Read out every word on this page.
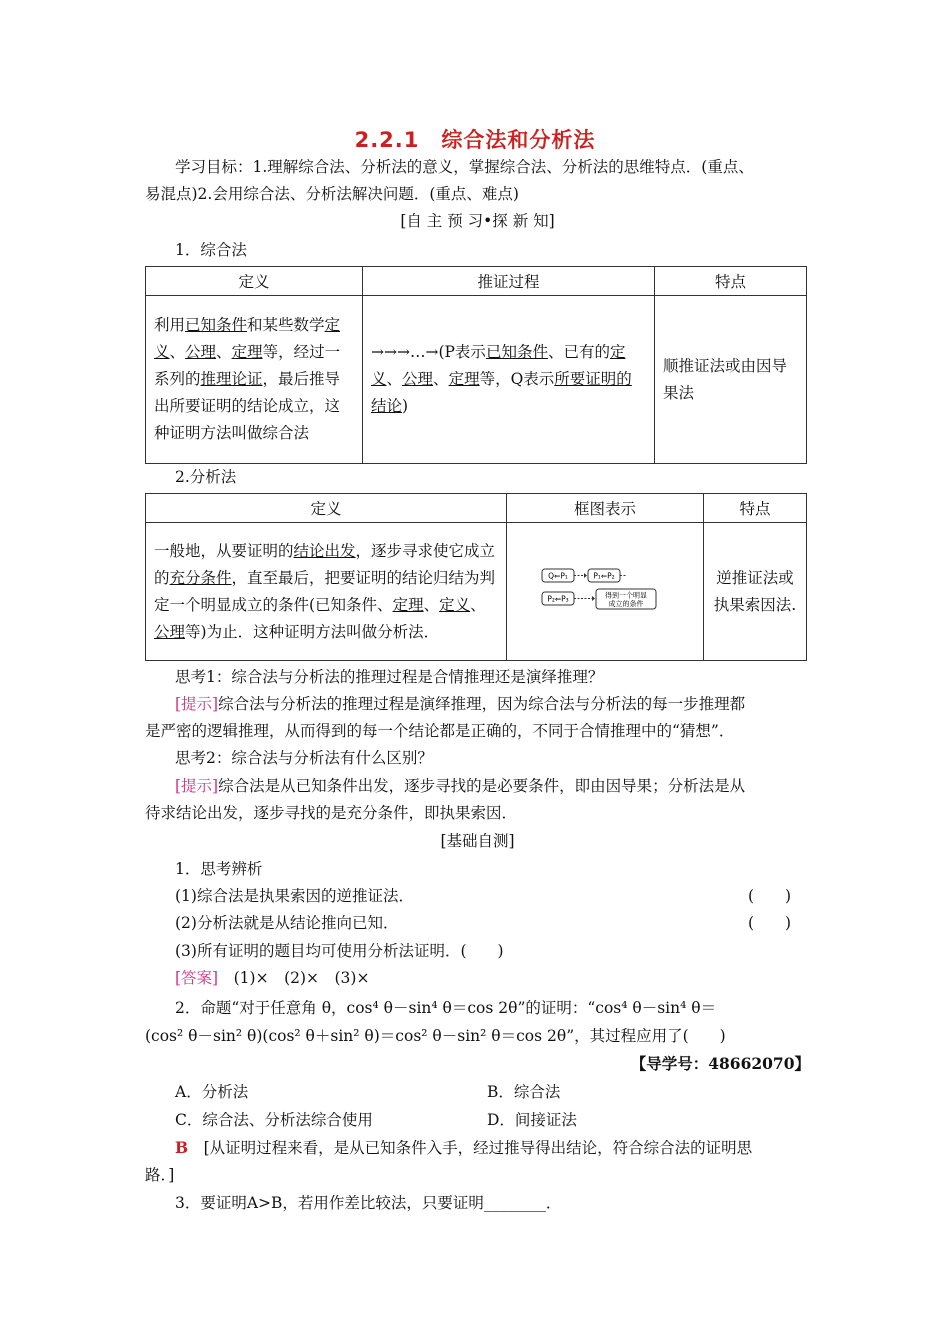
2.2.1　综合法和分析法
学习目标：1.理解综合法、分析法的意义，掌握综合法、分析法的思维特点．(重点、
易混点)2.会用综合法、分析法解决问题．(重点、难点)
[自 主 预 习•探 新 知]
1．综合法
定义	推证过程	特点
利用已知条件和某些数学定义、公理、定理等，经过一系列的推理论证，最后推导出所要证明的结论成立，这种证明方法叫做综合法	→→→…→(P表示已知条件、已有的定义、公理、定理等，Q表示所要证明的结论)	顺推证法或由因导果法
2.分析法
定义	框图表示	特点
一般地，从要证明的结论出发，逐步寻求使它成立的充分条件，直至最后，把要证明的结论归结为判定一个明显成立的条件(已知条件、定理、定义、公理等)为止．这种证明方法叫做分析法．	Q⇐P₁ P₁⇐P₂
P₂⇐P₃ 得到一个明显
成立的条件	逆推证法或执果索因法.
思考1：综合法与分析法的推理过程是合情推理还是演绎推理？
[提示]综合法与分析法的推理过程是演绎推理，因为综合法与分析法的每一步推理都
是严密的逻辑推理，从而得到的每一个结论都是正确的，不同于合情推理中的“猜想”．
思考2：综合法与分析法有什么区别？
[提示]综合法是从已知条件出发，逐步寻找的是必要条件，即由因导果；分析法是从
待求结论出发，逐步寻找的是充分条件，即执果索因．
[基础自测]
1．思考辨析
(1)综合法是执果索因的逆推证法．	(　　)
(2)分析法就是从结论推向已知．	(　　)
(3)所有证明的题目均可使用分析法证明．(　　)
[答案]　 (1)×　(2)×　(3)×
2．命题“对于任意角 θ，cos⁴ θ－sin⁴ θ＝cos 2θ”的证明：“cos⁴ θ－sin⁴ θ＝
(cos² θ－sin² θ)(cos² θ＋sin² θ)＝cos² θ－sin² θ＝cos 2θ”，其过程应用了(　　)
【导学号：48662070】
A．分析法	B．综合法
C．综合法、分析法综合使用	D．间接证法
B　 [从证明过程来看，是从已知条件入手，经过推导得出结论，符合综合法的证明思
路．]
3．要证明A>B，若用作差比较法，只要证明________．
